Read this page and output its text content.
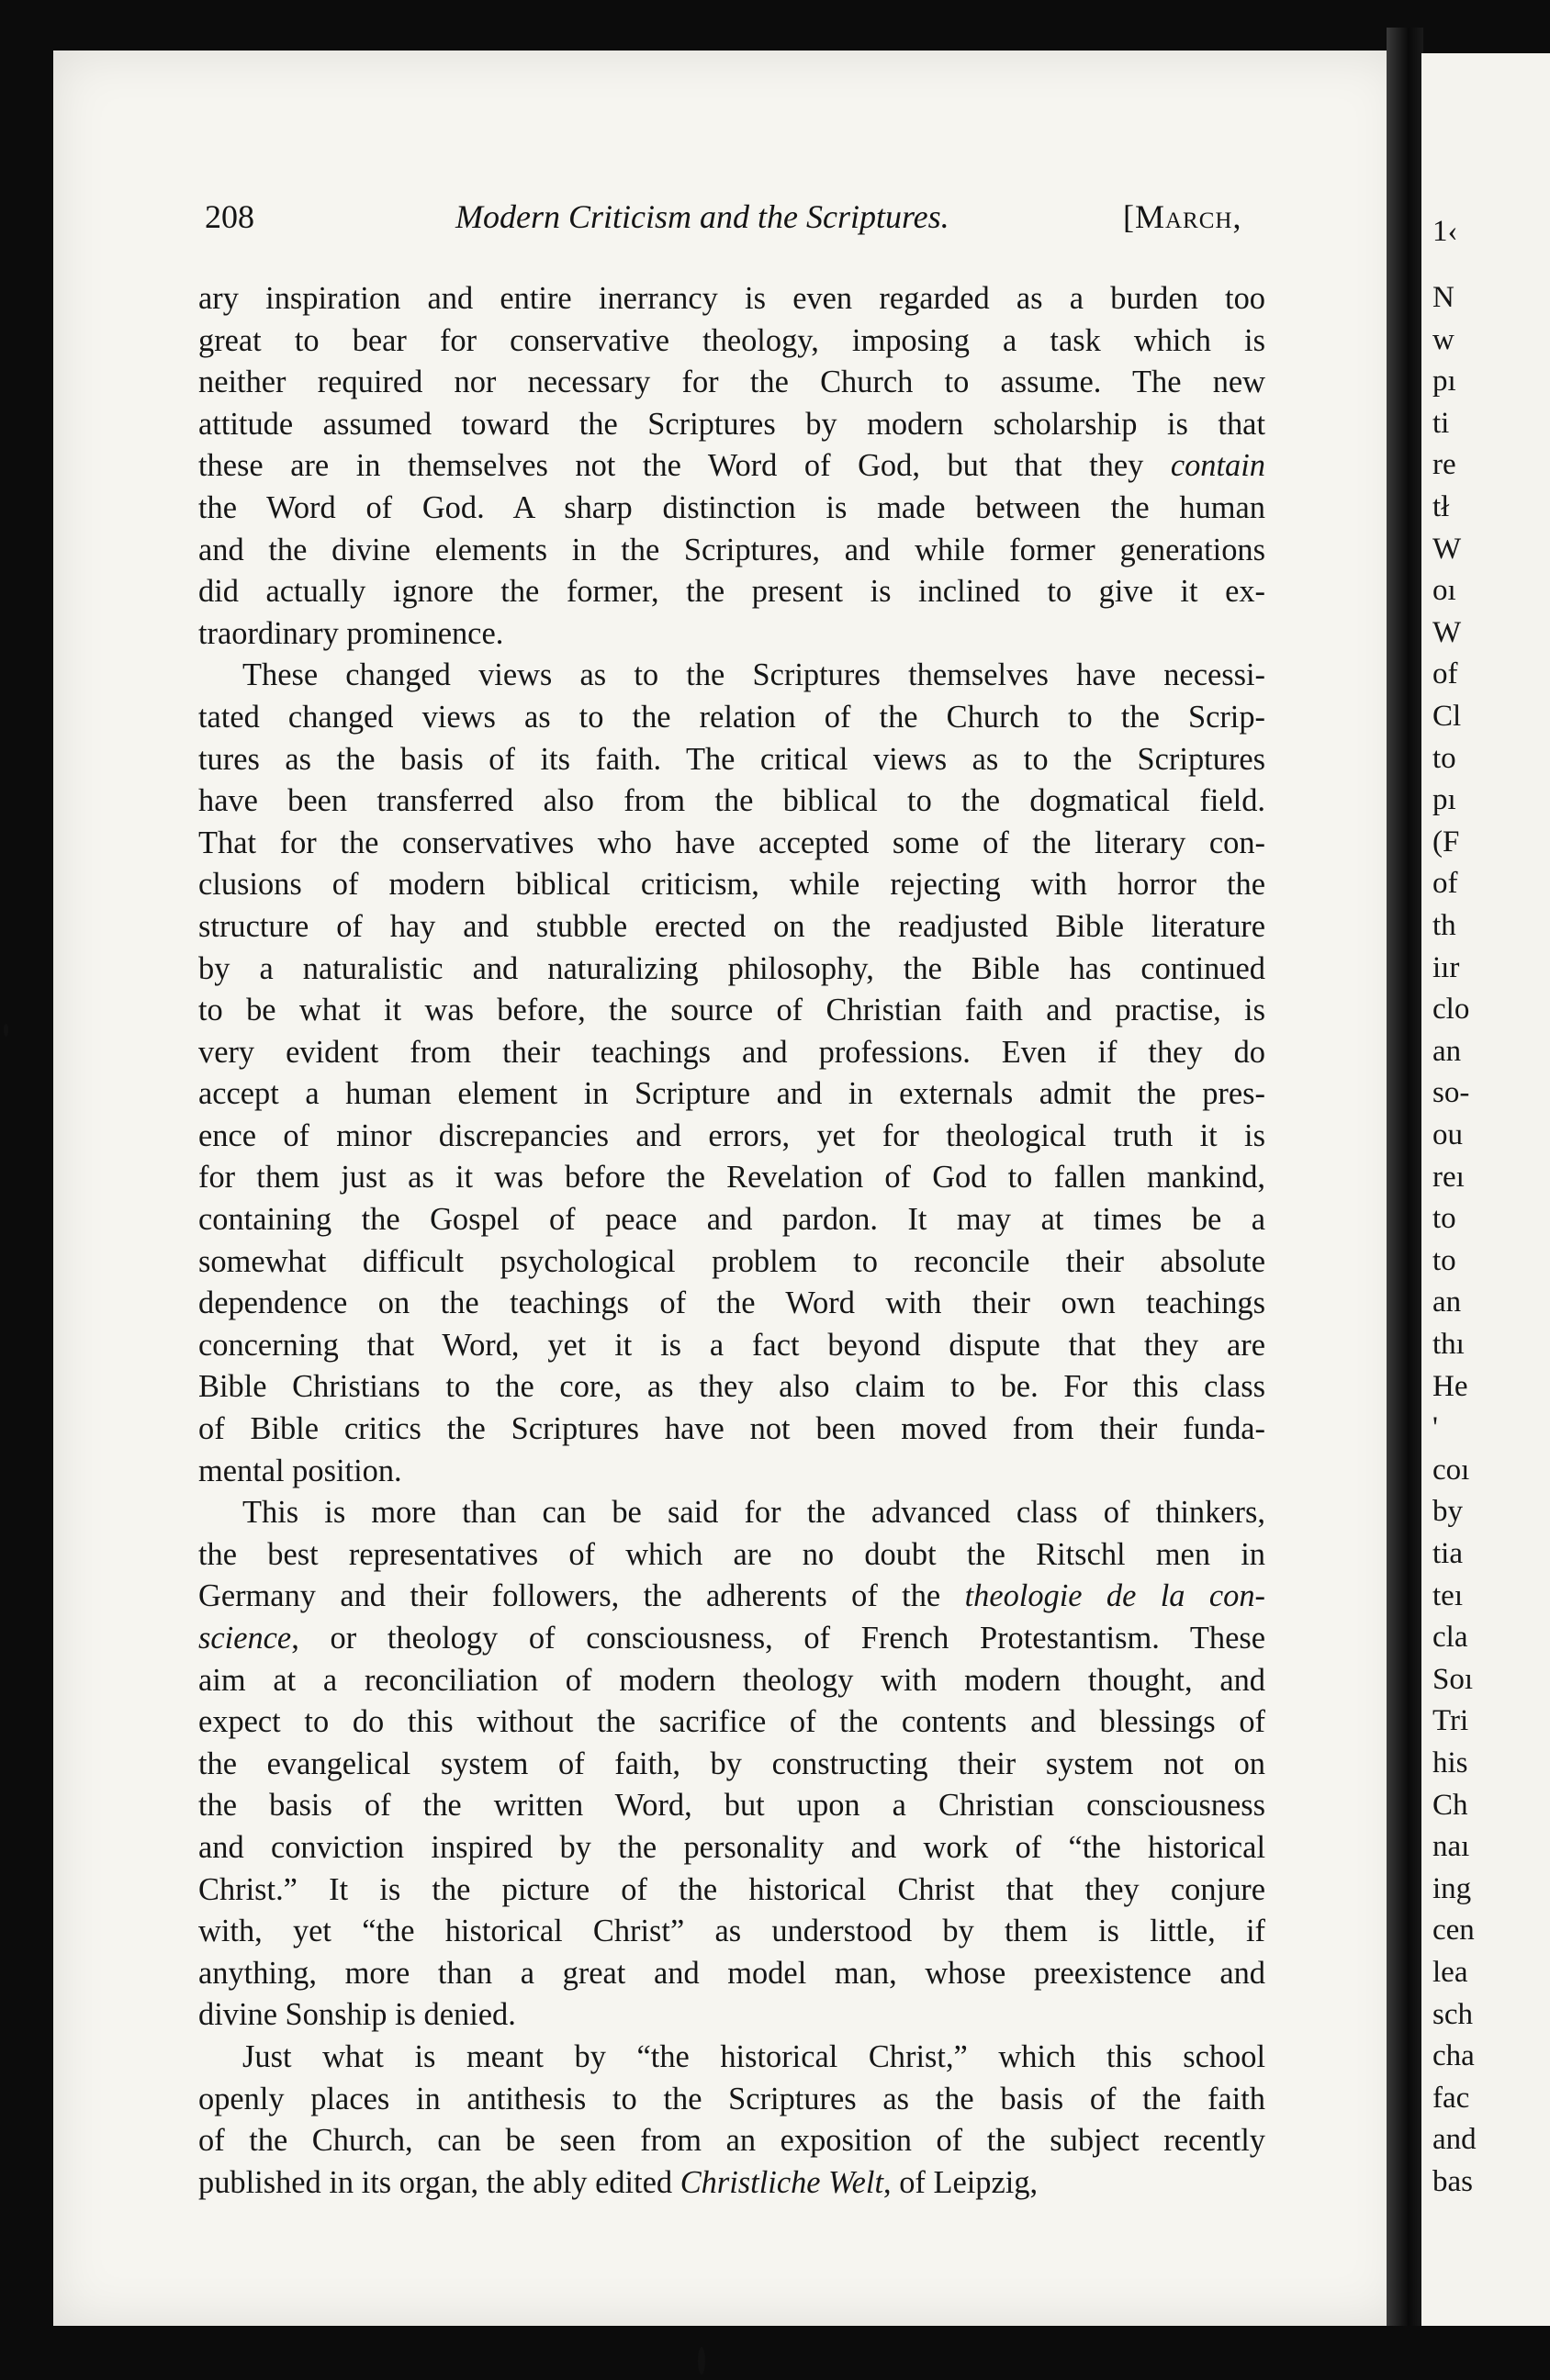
1‹
N
w
pı
ti
re
tł
W
oı
W
of
Cl
to
pı
(F
of
th
iır
clo
an
so-
ou
reı
to
to
an
thı
He
'
coı
by
tia
teı
cla
Soı
Tri
his
Ch
naı
ing
cen
lea
sch
cha
fac
and
bas
208	Modern Criticism and the Scriptures.	[March,
ary inspiration and entire inerrancy is even regarded as a burden too
great to bear for conservative theology, imposing a task which is
neither required nor necessary for the Church to assume. The new
attitude assumed toward the Scriptures by modern scholarship is that
these are in themselves not the Word of God, but that they contain
the Word of God. A sharp distinction is made between the human
and the divine elements in the Scriptures, and while former generations
did actually ignore the former, the present is inclined to give it ex-
traordinary prominence.
These changed views as to the Scriptures themselves have necessi-
tated changed views as to the relation of the Church to the Scrip-
tures as the basis of its faith. The critical views as to the Scriptures
have been transferred also from the biblical to the dogmatical field.
That for the conservatives who have accepted some of the literary con-
clusions of modern biblical criticism, while rejecting with horror the
structure of hay and stubble erected on the readjusted Bible literature
by a naturalistic and naturalizing philosophy, the Bible has continued
to be what it was before, the source of Christian faith and practise, is
very evident from their teachings and professions. Even if they do
accept a human element in Scripture and in externals admit the pres-
ence of minor discrepancies and errors, yet for theological truth it is
for them just as it was before the Revelation of God to fallen mankind,
containing the Gospel of peace and pardon. It may at times be a
somewhat difficult psychological problem to reconcile their absolute
dependence on the teachings of the Word with their own teachings
concerning that Word, yet it is a fact beyond dispute that they are
Bible Christians to the core, as they also claim to be. For this class
of Bible critics the Scriptures have not been moved from their funda-
mental position.
This is more than can be said for the advanced class of thinkers,
the best representatives of which are no doubt the Ritschl men in
Germany and their followers, the adherents of the theologie de la con-
science, or theology of consciousness, of French Protestantism. These
aim at a reconciliation of modern theology with modern thought, and
expect to do this without the sacrifice of the contents and blessings of
the evangelical system of faith, by constructing their system not on
the basis of the written Word, but upon a Christian consciousness
and conviction inspired by the personality and work of “the historical
Christ.” It is the picture of the historical Christ that they conjure
with, yet “the historical Christ” as understood by them is little, if
anything, more than a great and model man, whose preexistence and
divine Sonship is denied.
Just what is meant by “the historical Christ,” which this school
openly places in antithesis to the Scriptures as the basis of the faith
of the Church, can be seen from an exposition of the subject recently
published in its organ, the ably edited Christliche Welt, of Leipzig,
